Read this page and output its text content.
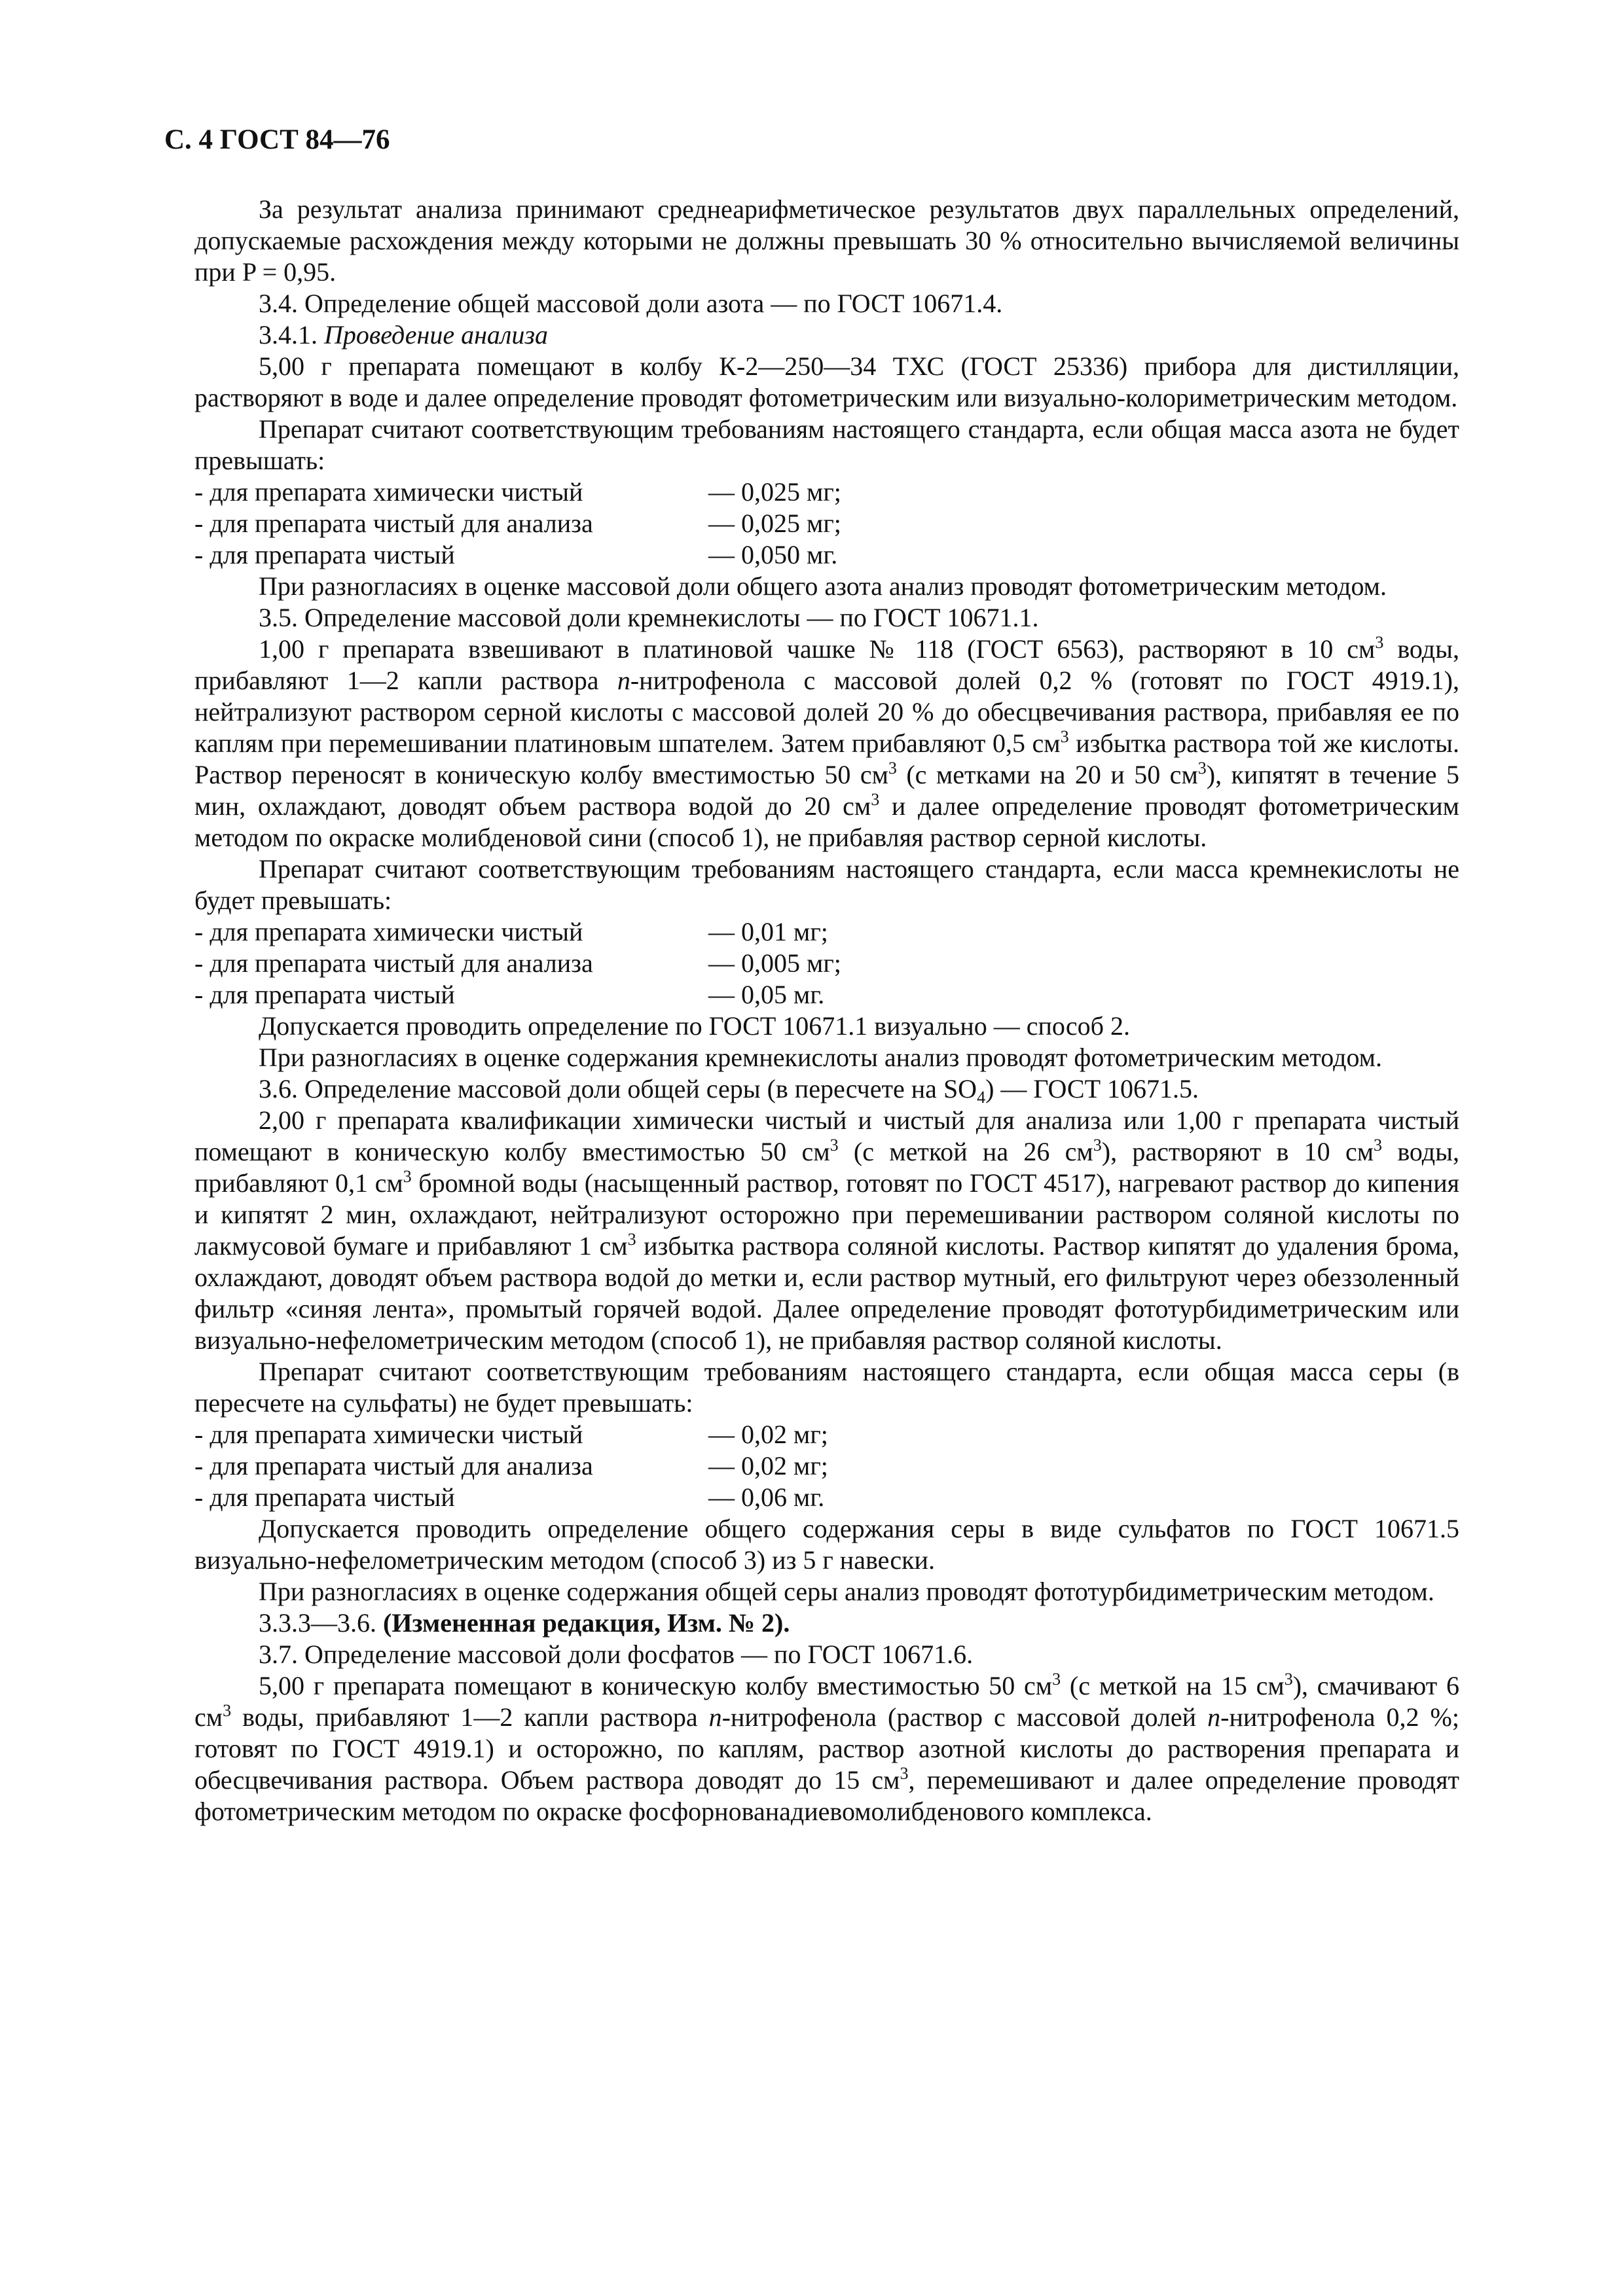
С. 4 ГОСТ 84—76

За результат анализа принимают среднеарифметическое результатов двух параллельных определений, допускаемые расхождения между которыми не должны превышать 30 % относительно вычисляемой величины при P = 0,95.

3.4. Определение общей массовой доли азота — по ГОСТ 10671.4.

3.4.1. Проведение анализа

5,00 г препарата помещают в колбу К-2—250—34 ТХС (ГОСТ 25336) прибора для дистилляции, растворяют в воде и далее определение проводят фотометрическим или визуально-колориметрическим методом.

Препарат считают соответствующим требованиям настоящего стандарта, если общая масса азота не будет превышать:

- для препарата химически чистый	— 0,025 мг;
- для препарата чистый для анализа	— 0,025 мг;
- для препарата чистый	— 0,050 мг.

При разногласиях в оценке массовой доли общего азота анализ проводят фотометрическим методом.

3.5. Определение массовой доли кремнекислоты — по ГОСТ 10671.1.

1,00 г препарата взвешивают в платиновой чашке № 118 (ГОСТ 6563), растворяют в 10 $см^3$ воды, прибавляют 1—2 капли раствора п-нитрофенола с массовой долей 0,2 % (готовят по ГОСТ 4919.1), нейтрализуют раствором серной кислоты с массовой долей 20 % до обесцвечивания раствора, прибавляя ее по каплям при перемешивании платиновым шпателем. Затем прибавляют 0,5 $см^3$ избытка раствора той же кислоты. Раствор переносят в коническую колбу вместимостью 50 $см^3$ (с метками на 20 и 50 $см^3$), кипятят в течение 5 мин, охлаждают, доводят объем раствора водой до 20 $см^3$ и далее определение проводят фотометрическим методом по окраске молибденовой сини (способ 1), не прибавляя раствор серной кислоты.

Препарат считают соответствующим требованиям настоящего стандарта, если масса кремнекислоты не будет превышать:

- для препарата химически чистый	— 0,01 мг;
- для препарата чистый для анализа	— 0,005 мг;
- для препарата чистый	— 0,05 мг.

Допускается проводить определение по ГОСТ 10671.1 визуально — способ 2.

При разногласиях в оценке содержания кремнекислоты анализ проводят фотометрическим методом.

3.6. Определение массовой доли общей серы (в пересчете на $SO_4$) — ГОСТ 10671.5.

2,00 г препарата квалификации химически чистый и чистый для анализа или 1,00 г препарата чистый помещают в коническую колбу вместимостью 50 $см^3$ (с меткой на 26 $см^3$), растворяют в 10 $см^3$ воды, прибавляют 0,1 $см^3$ бромной воды (насыщенный раствор, готовят по ГОСТ 4517), нагревают раствор до кипения и кипятят 2 мин, охлаждают, нейтрализуют осторожно при перемешивании раствором соляной кислоты по лакмусовой бумаге и прибавляют 1 $см^3$ избытка раствора соляной кислоты. Раствор кипятят до удаления брома, охлаждают, доводят объем раствора водой до метки и, если раствор мутный, его фильтруют через обеззоленный фильтр «синяя лента», промытый горячей водой. Далее определение проводят фототурбидиметрическим или визуально-нефелометрическим методом (способ 1), не прибавляя раствор соляной кислоты.

Препарат считают соответствующим требованиям настоящего стандарта, если общая масса серы (в пересчете на сульфаты) не будет превышать:

- для препарата химически чистый	— 0,02 мг;
- для препарата чистый для анализа	— 0,02 мг;
- для препарата чистый	— 0,06 мг.

Допускается проводить определение общего содержания серы в виде сульфатов по ГОСТ 10671.5 визуально-нефелометрическим методом (способ 3) из 5 г навески.

При разногласиях в оценке содержания общей серы анализ проводят фототурбидиметрическим методом.

3.3.3—3.6. (Измененная редакция, Изм. № 2).

3.7. Определение массовой доли фосфатов — по ГОСТ 10671.6.

5,00 г препарата помещают в коническую колбу вместимостью 50 $см^3$ (с меткой на 15 $см^3$), смачивают 6 $см^3$ воды, прибавляют 1—2 капли раствора п-нитрофенола (раствор с массовой долей п-нитрофенола 0,2 %; готовят по ГОСТ 4919.1) и осторожно, по каплям, раствор азотной кислоты до растворения препарата и обесцвечивания раствора. Объем раствора доводят до 15 $см^3$, перемешивают и далее определение проводят фотометрическим методом по окраске фосфорнованадиевомолибденового комплекса.
